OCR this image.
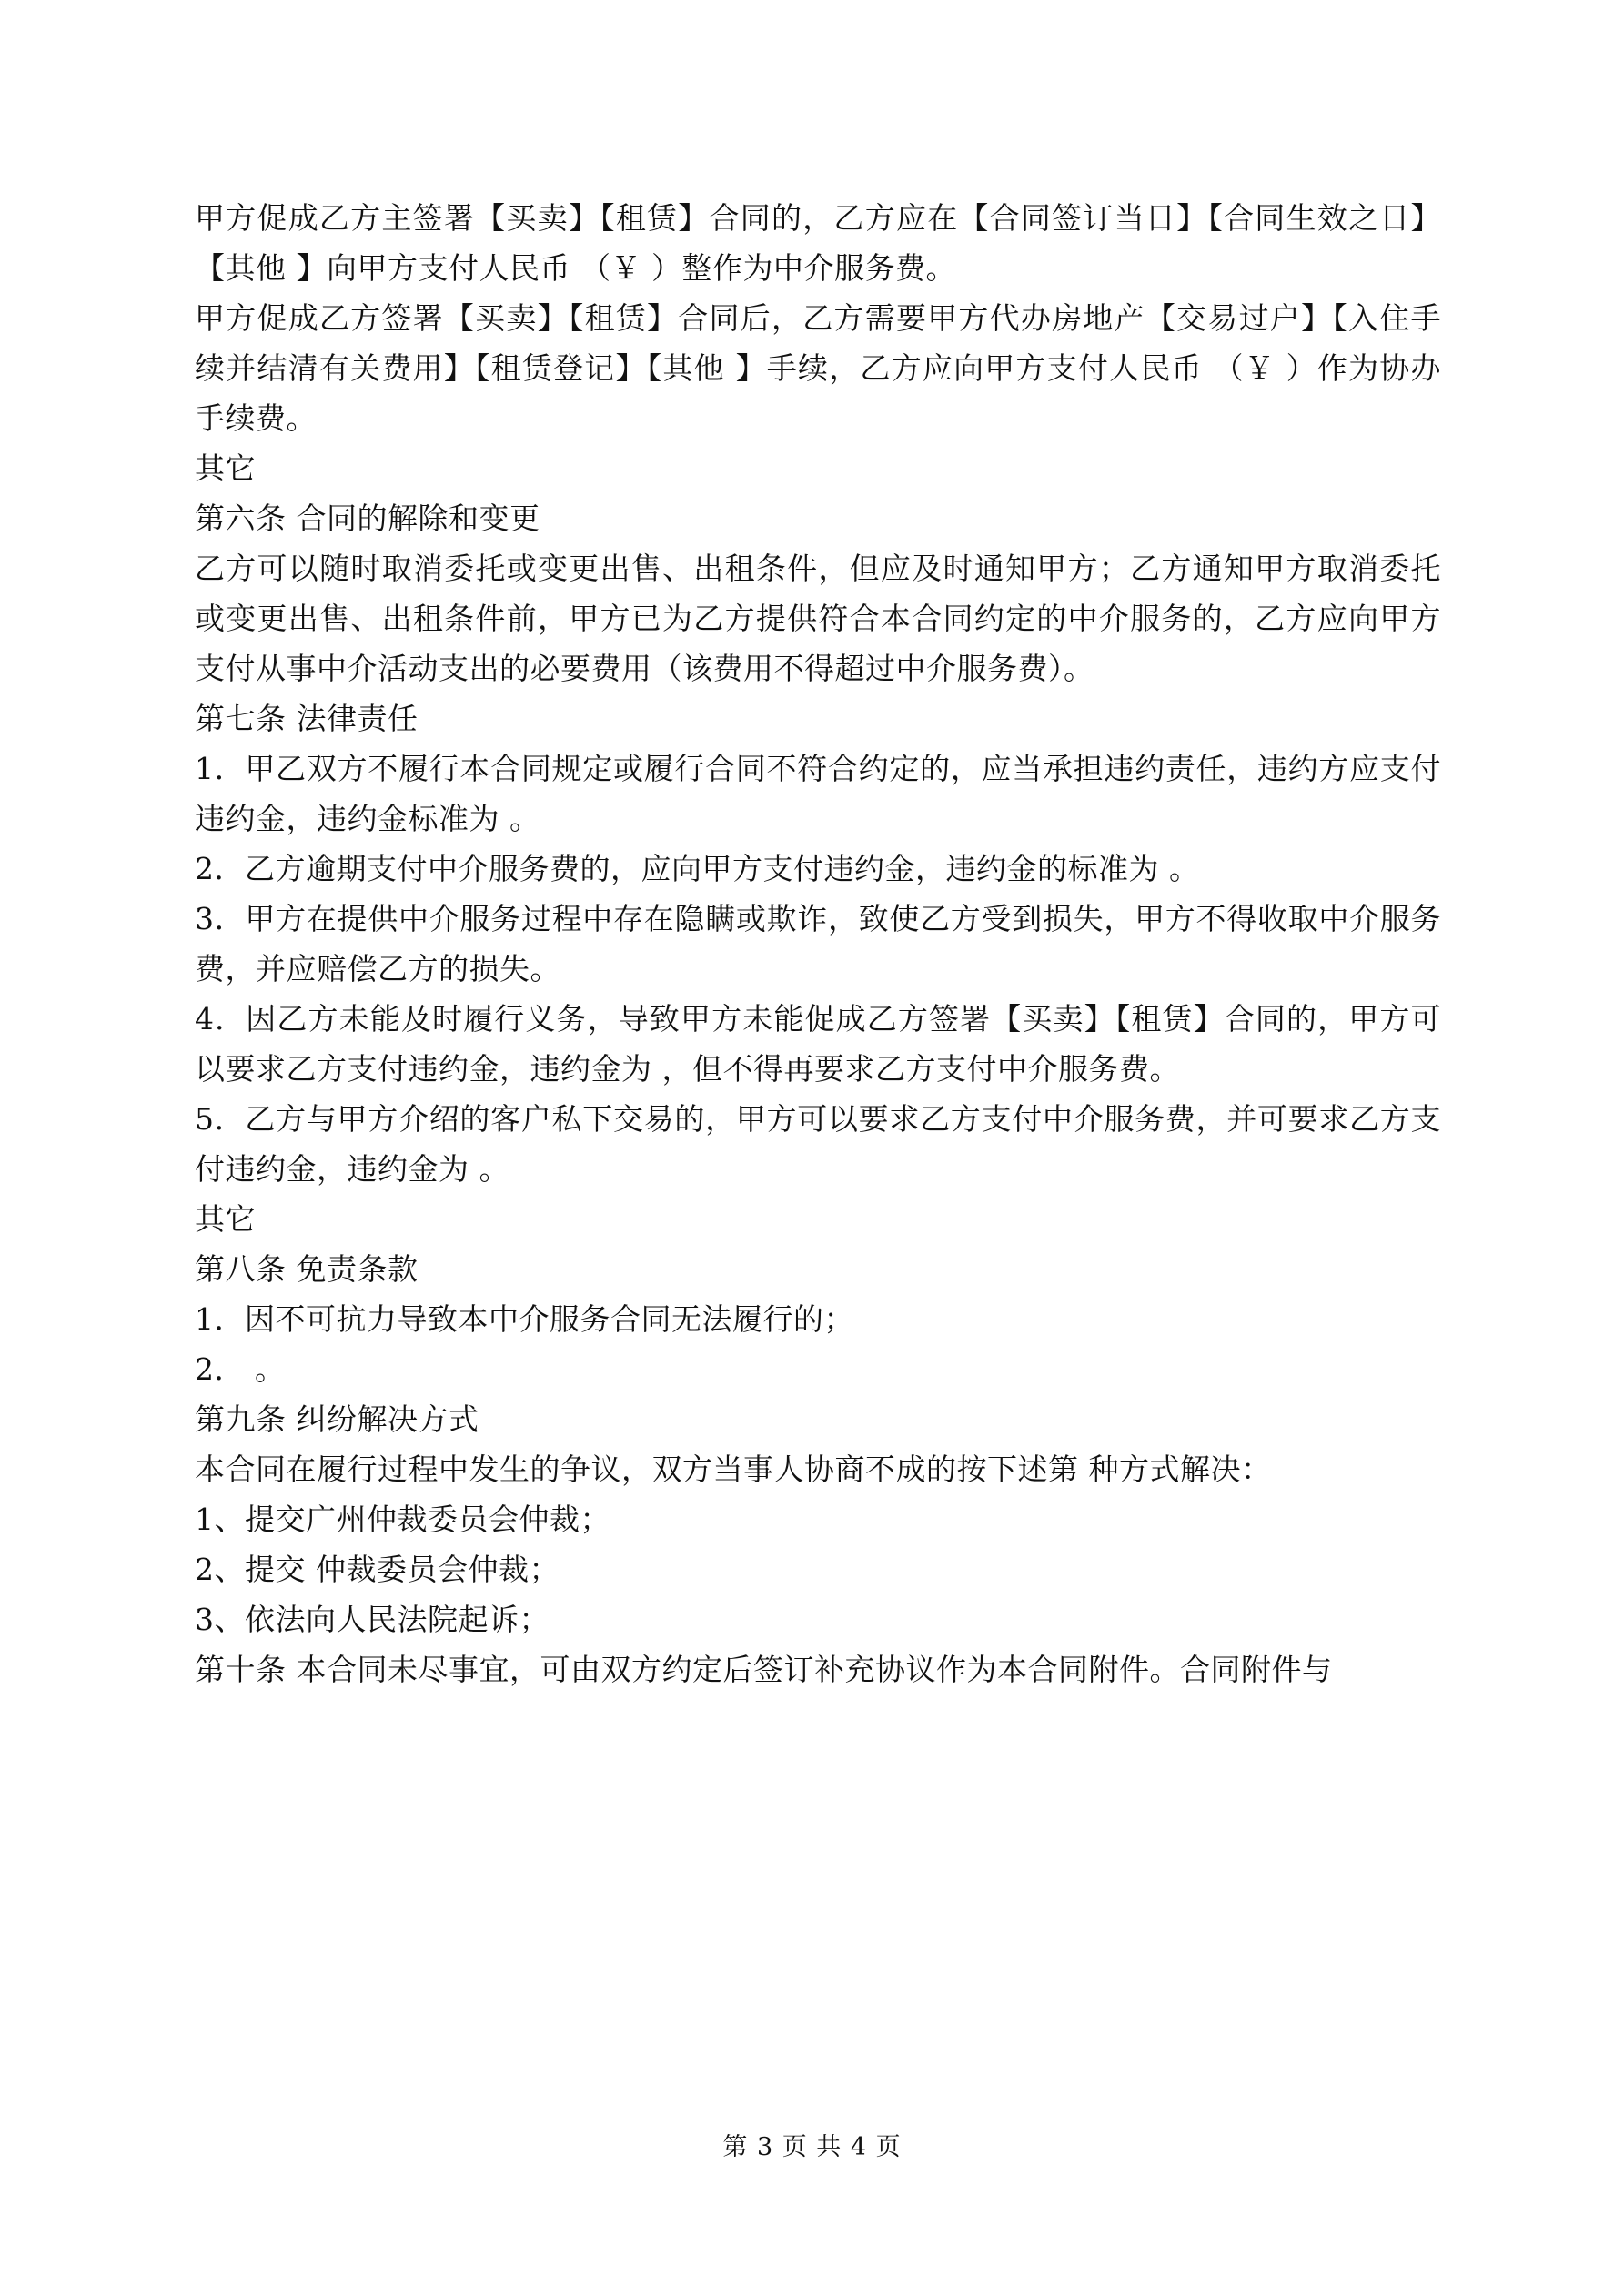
甲方促成乙方主签署【买卖】【租赁】合同的，乙方应在【合同签订当日】【合同生效之日】【其他 】向甲方支付人民币 （￥ ）整作为中介服务费。

甲方促成乙方签署【买卖】【租赁】合同后，乙方需要甲方代办房地产【交易过户】【入住手续并结清有关费用】【租赁登记】【其他 】手续，乙方应向甲方支付人民币 （￥ ）作为协办手续费。

其它

第六条 合同的解除和变更

乙方可以随时取消委托或变更出售、出租条件，但应及时通知甲方；乙方通知甲方取消委托或变更出售、出租条件前，甲方已为乙方提供符合本合同约定的中介服务的，乙方应向甲方支付从事中介活动支出的必要费用（该费用不得超过中介服务费）。

第七条 法律责任

1．甲乙双方不履行本合同规定或履行合同不符合约定的，应当承担违约责任，违约方应支付违约金，违约金标准为 。

2．乙方逾期支付中介服务费的，应向甲方支付违约金，违约金的标准为 。

3．甲方在提供中介服务过程中存在隐瞒或欺诈，致使乙方受到损失，甲方不得收取中介服务费，并应赔偿乙方的损失。

4．因乙方未能及时履行义务，导致甲方未能促成乙方签署【买卖】【租赁】合同的，甲方可以要求乙方支付违约金，违约金为 ，但不得再要求乙方支付中介服务费。

5．乙方与甲方介绍的客户私下交易的，甲方可以要求乙方支付中介服务费，并可要求乙方支付违约金，违约金为 。

其它

第八条 免责条款

1．因不可抗力导致本中介服务合同无法履行的；

2． 。

第九条 纠纷解决方式

本合同在履行过程中发生的争议，双方当事人协商不成的按下述第 种方式解决：

1、提交广州仲裁委员会仲裁；

2、提交 仲裁委员会仲裁；

3、依法向人民法院起诉；

第十条 本合同未尽事宜，可由双方约定后签订补充协议作为本合同附件。合同附件与

第 3 页 共 4 页
